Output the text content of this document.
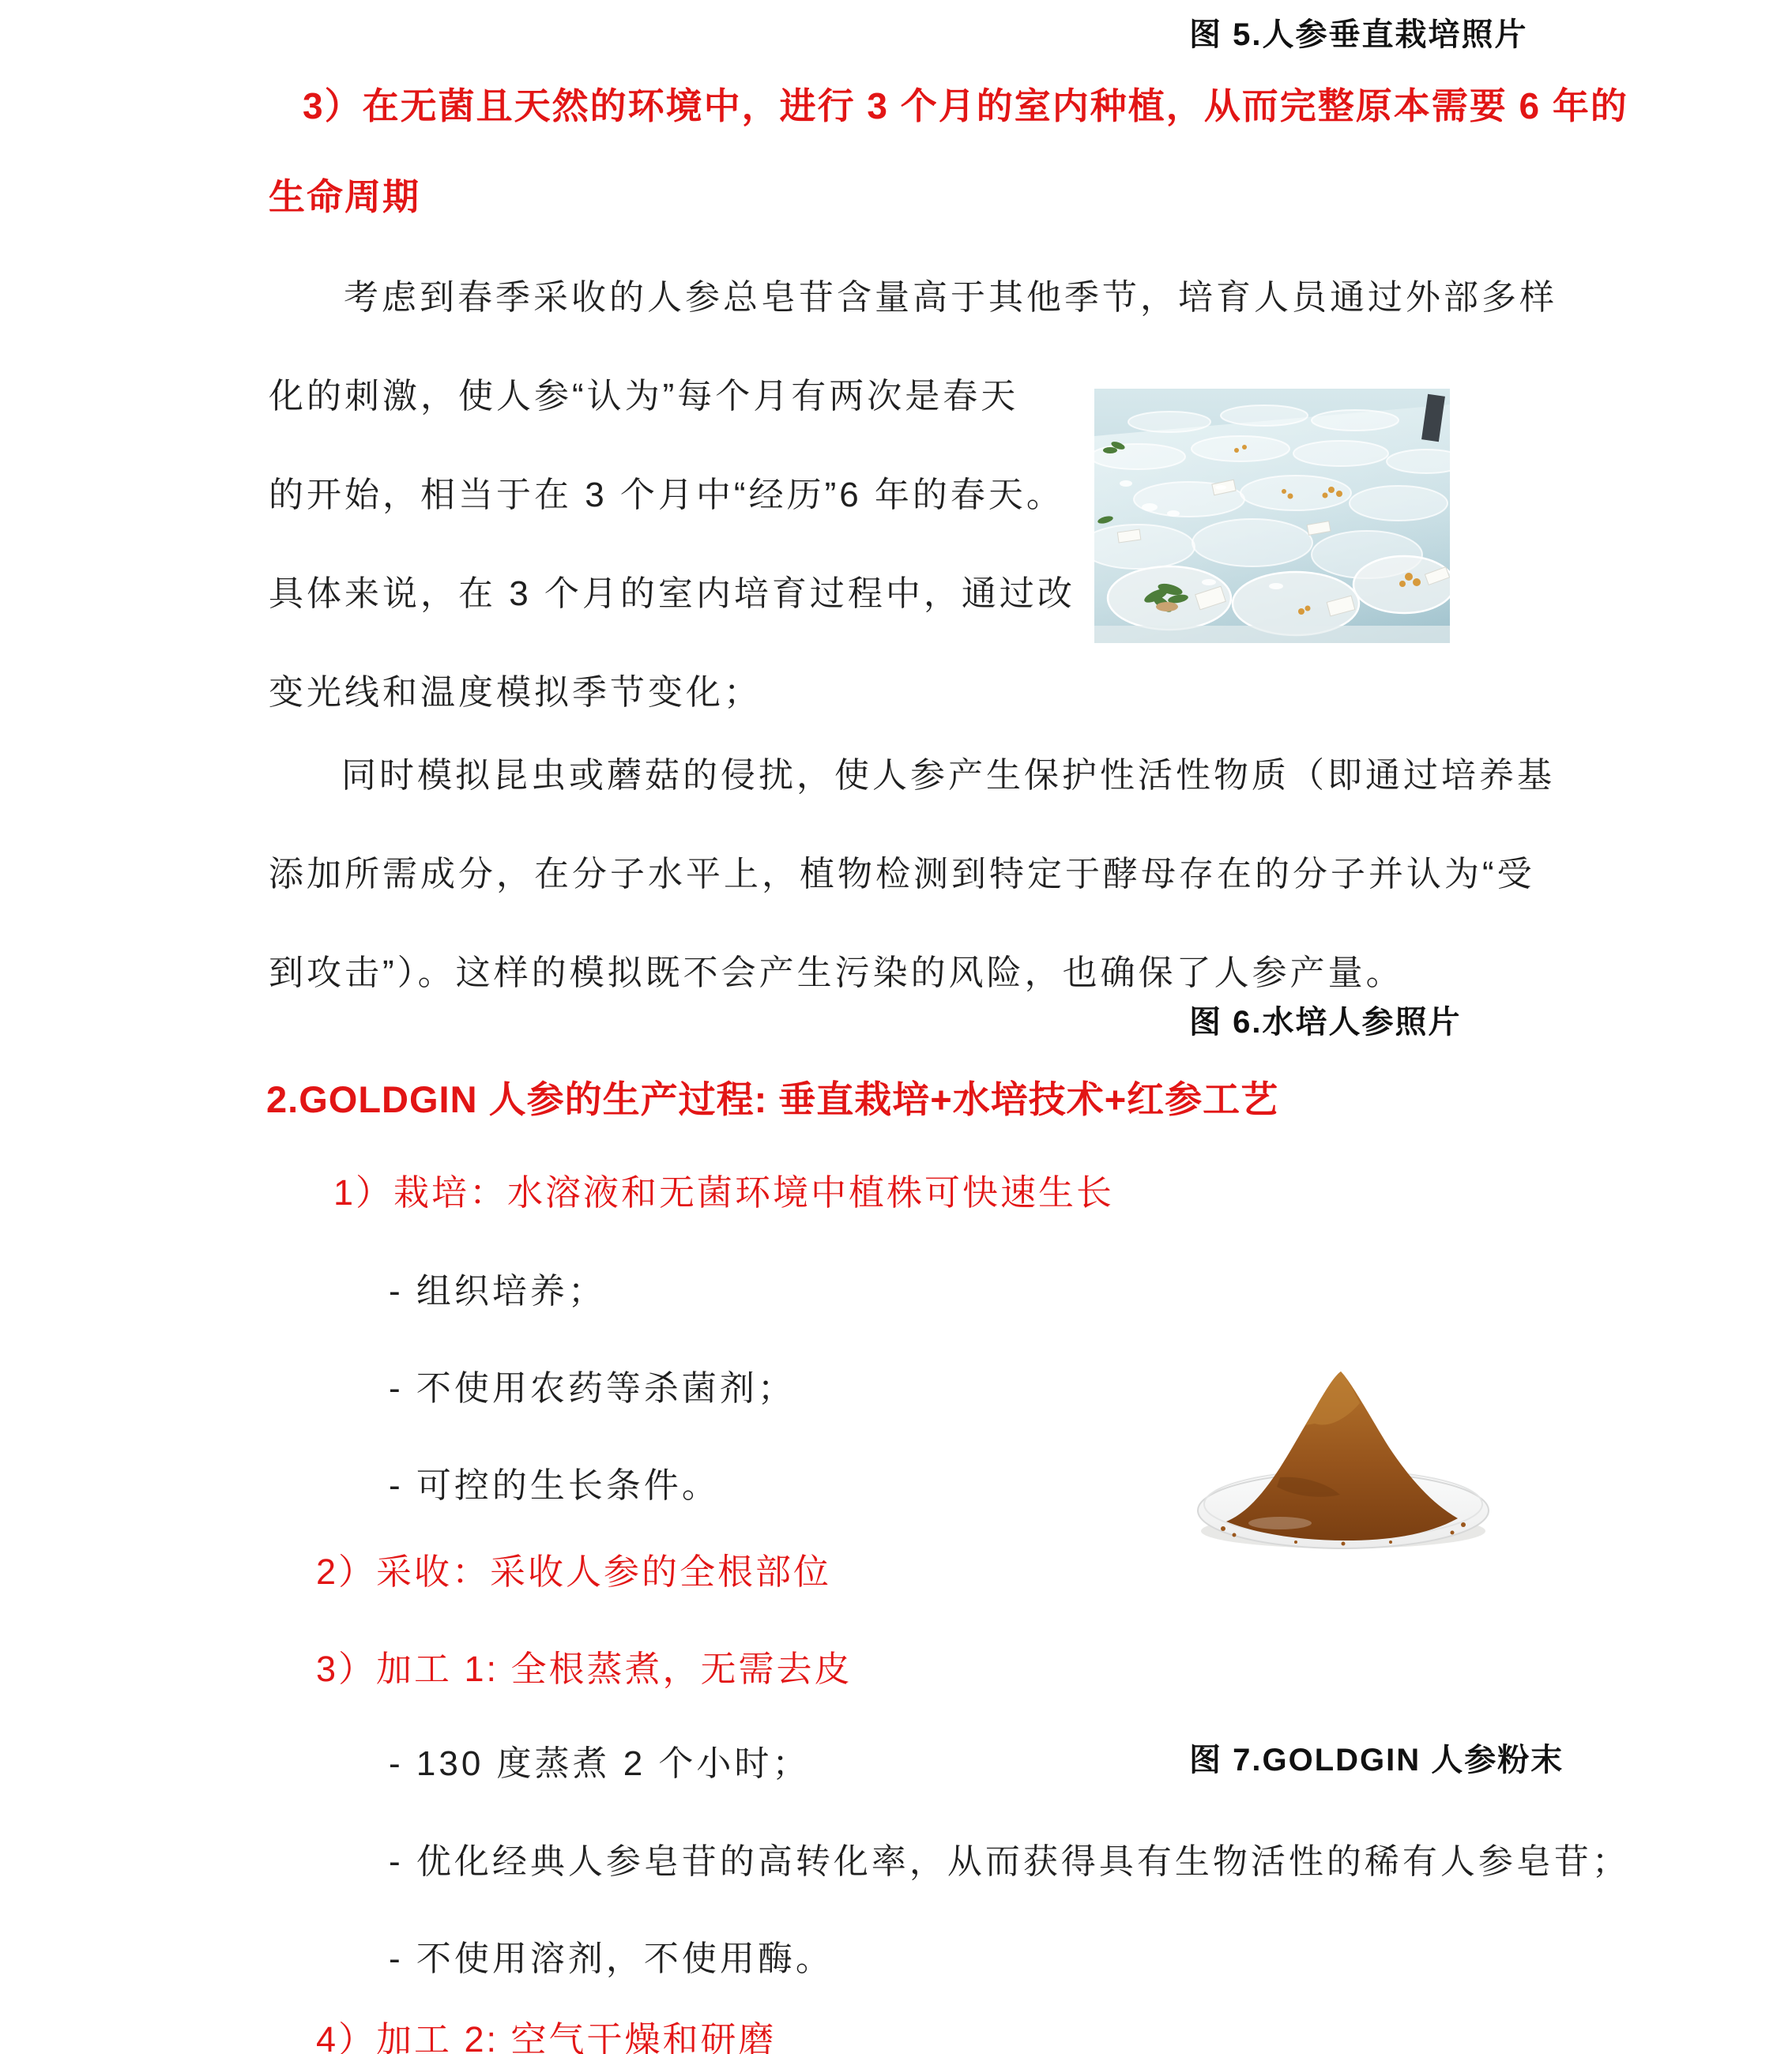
图 5.人参垂直栽培照片
3）在无菌且天然的环境中，进行 3 个月的室内种植，从而完整原本需要 6 年的
生命周期
考虑到春季采收的人参总皂苷含量高于其他季节，培育人员通过外部多样
化的刺激，使人参“认为”每个月有两次是春天
的开始，相当于在 3 个月中“经历”6 年的春天。
具体来说，在 3 个月的室内培育过程中，通过改
变光线和温度模拟季节变化；
同时模拟昆虫或蘑菇的侵扰，使人参产生保护性活性物质（即通过培养基
添加所需成分，在分子水平上，植物检测到特定于酵母存在的分子并认为“受
到攻击”）。这样的模拟既不会产生污染的风险，也确保了人参产量。
图 6.水培人参照片
2.GOLDGIN 人参的生产过程: 垂直栽培+水培技术+红参工艺
1）栽培：水溶液和无菌环境中植株可快速生长
- 组织培养；
- 不使用农药等杀菌剂；
- 可控的生长条件。
2）采收：采收人参的全根部位
3）加工 1: 全根蒸煮，无需去皮
- 130 度蒸煮 2 个小时；	图 7.GOLDGIN 人参粉末
- 优化经典人参皂苷的高转化率，从而获得具有生物活性的稀有人参皂苷；
- 不使用溶剂，不使用酶。
4）加工 2: 空气干燥和研磨
